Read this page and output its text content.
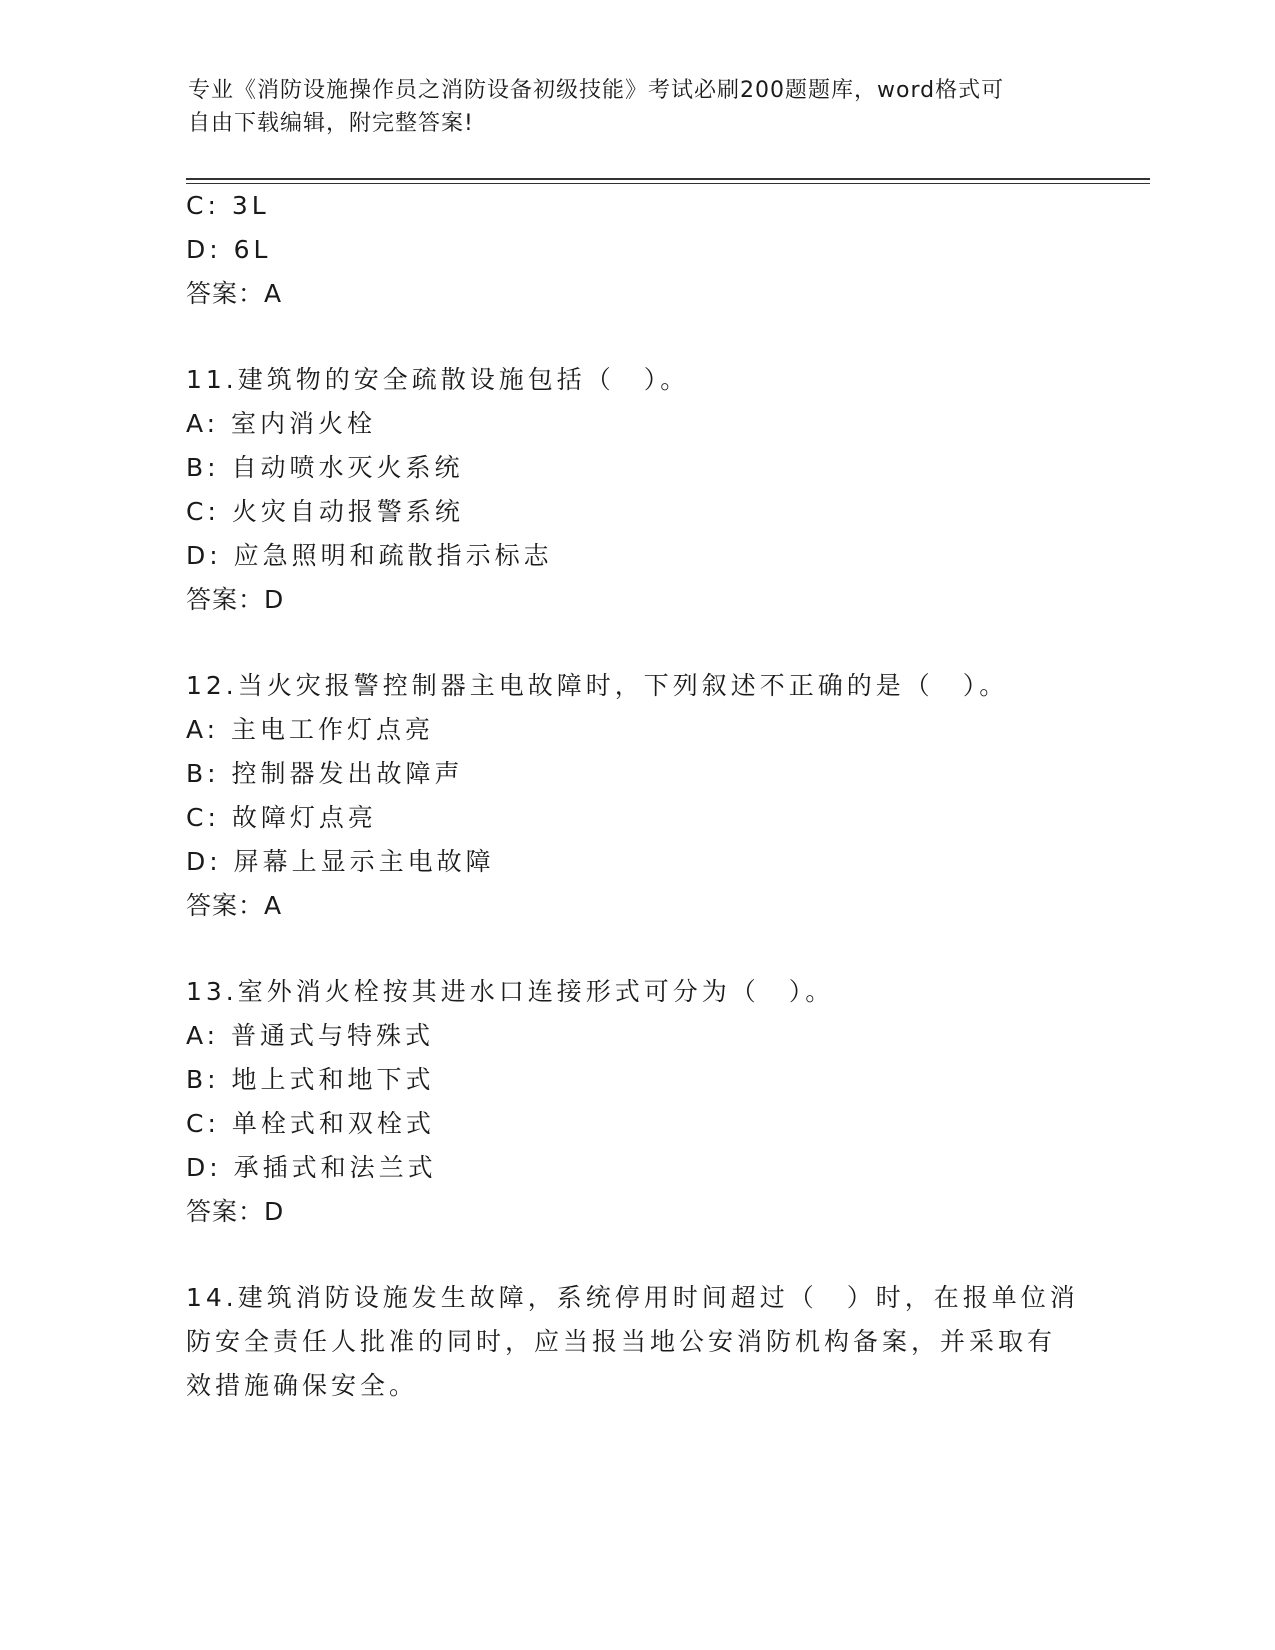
专业《消防设施操作员之消防设备初级技能》考试必刷200题题库，word格式可
自由下载编辑，附完整答案!
C: 3L
D: 6L
答案：A
11.建筑物的安全疏散设施包括（　）。
A: 室内消火栓
B: 自动喷水灭火系统
C: 火灾自动报警系统
D: 应急照明和疏散指示标志
答案：D
12.当火灾报警控制器主电故障时，下列叙述不正确的是（　）。
A: 主电工作灯点亮
B: 控制器发出故障声
C: 故障灯点亮
D: 屏幕上显示主电故障
答案：A
13.室外消火栓按其进水口连接形式可分为（　）。
A: 普通式与特殊式
B: 地上式和地下式
C: 单栓式和双栓式
D: 承插式和法兰式
答案：D
14.建筑消防设施发生故障，系统停用时间超过（　）时，在报单位消
防安全责任人批准的同时，应当报当地公安消防机构备案，并采取有
效措施确保安全。
